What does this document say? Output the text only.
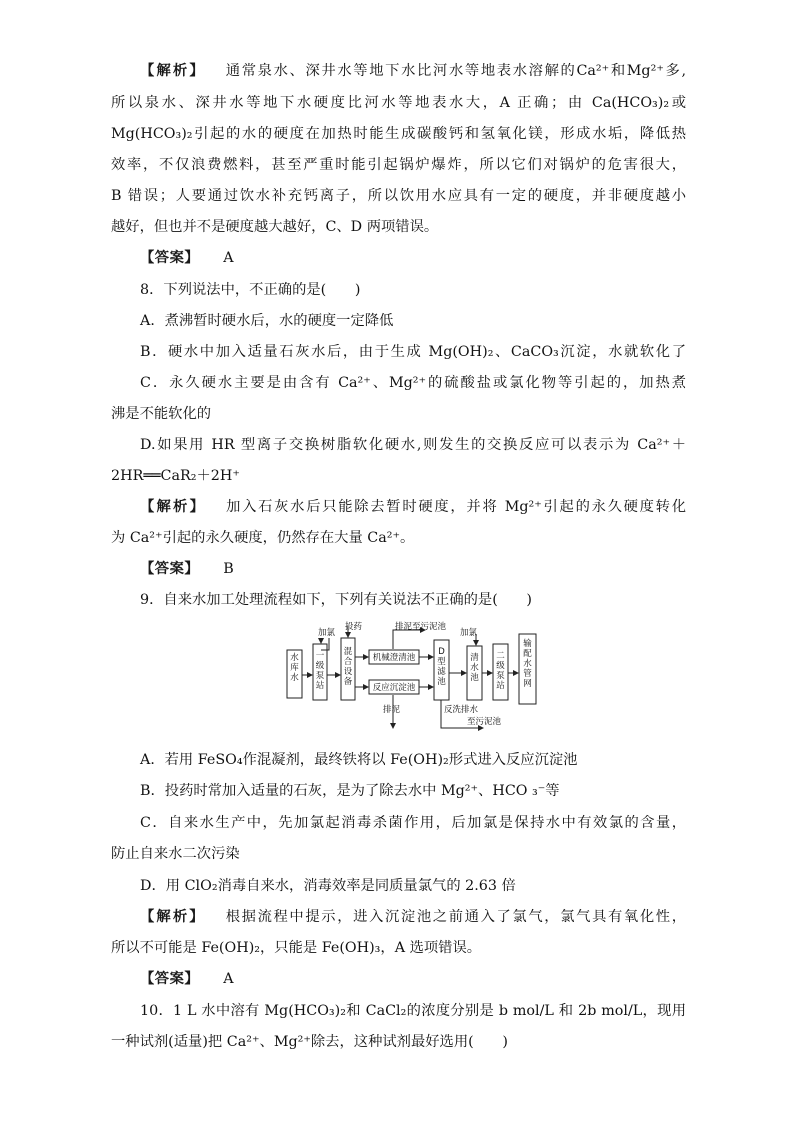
【解析】 通常泉水、深井水等地下水比河水等地表水溶解的Ca²⁺和Mg²⁺多,
所以泉水、深井水等地下水硬度比河水等地表水大，A 正确；由 Ca(HCO₃)₂或
Mg(HCO₃)₂引起的水的硬度在加热时能生成碳酸钙和氢氧化镁，形成水垢，降低热
效率，不仅浪费燃料，甚至严重时能引起锅炉爆炸，所以它们对锅炉的危害很大，
B 错误；人要通过饮水补充钙离子，所以饮用水应具有一定的硬度，并非硬度越小
越好，但也并不是硬度越大越好，C、D 两项错误。
【答案】 A
8．下列说法中，不正确的是(　　)
A．煮沸暂时硬水后，水的硬度一定降低
B．硬水中加入适量石灰水后，由于生成 Mg(OH)₂、CaCO₃沉淀，水就软化了
C．永久硬水主要是由含有 Ca²⁺、Mg²⁺的硫酸盐或氯化物等引起的，加热煮
沸是不能软化的
D.如果用 HR 型离子交换树脂软化硬水,则发生的交换反应可以表示为 Ca²⁺＋
2HR══CaR₂＋2H⁺
【解析】 加入石灰水后只能除去暂时硬度，并将 Mg²⁺引起的永久硬度转化
为 Ca²⁺引起的永久硬度，仍然存在大量 Ca²⁺。
【答案】 B
9．自来水加工处理流程如下，下列有关说法不正确的是(　　)
加氯
投药	排泥至污泥池
加氯
排泥	反洗排水
至污泥池
水库水
一级泵站
混合设备
机械澄清池
反应沉淀池
D 型滤池
清水池
二级泵站
输配水管网
A．若用 FeSO₄作混凝剂，最终铁将以 Fe(OH)₂形式进入反应沉淀池
B．投药时常加入适量的石灰，是为了除去水中 Mg²⁺、HCO ₃⁻等
C．自来水生产中，先加氯起消毒杀菌作用，后加氯是保持水中有效氯的含量，
防止自来水二次污染
D．用 ClO₂消毒自来水，消毒效率是同质量氯气的 2.63 倍
【解析】 根据流程中提示，进入沉淀池之前通入了氯气，氯气具有氧化性，
所以不可能是 Fe(OH)₂，只能是 Fe(OH)₃，A 选项错误。
【答案】 A
10．1 L 水中溶有 Mg(HCO₃)₂和 CaCl₂的浓度分别是 b mol/L 和 2b mol/L，现用
一种试剂(适量)把 Ca²⁺、Mg²⁺除去，这种试剂最好选用(　　)
